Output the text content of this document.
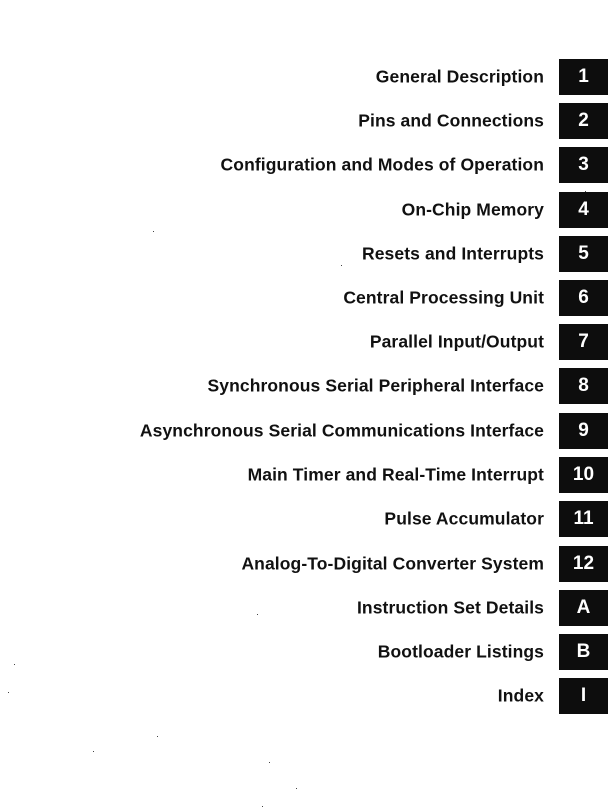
General Description	1
Pins and Connections	2
Configuration and Modes of Operation	3
On-Chip Memory	4
Resets and Interrupts	5
Central Processing Unit	6
Parallel Input/Output	7
Synchronous Serial Peripheral Interface	8
Asynchronous Serial Communications Interface	9
Main Timer and Real-Time Interrupt	10
Pulse Accumulator	11
Analog-To-Digital Converter System	12
Instruction Set Details	A
Bootloader Listings	B
Index	I
